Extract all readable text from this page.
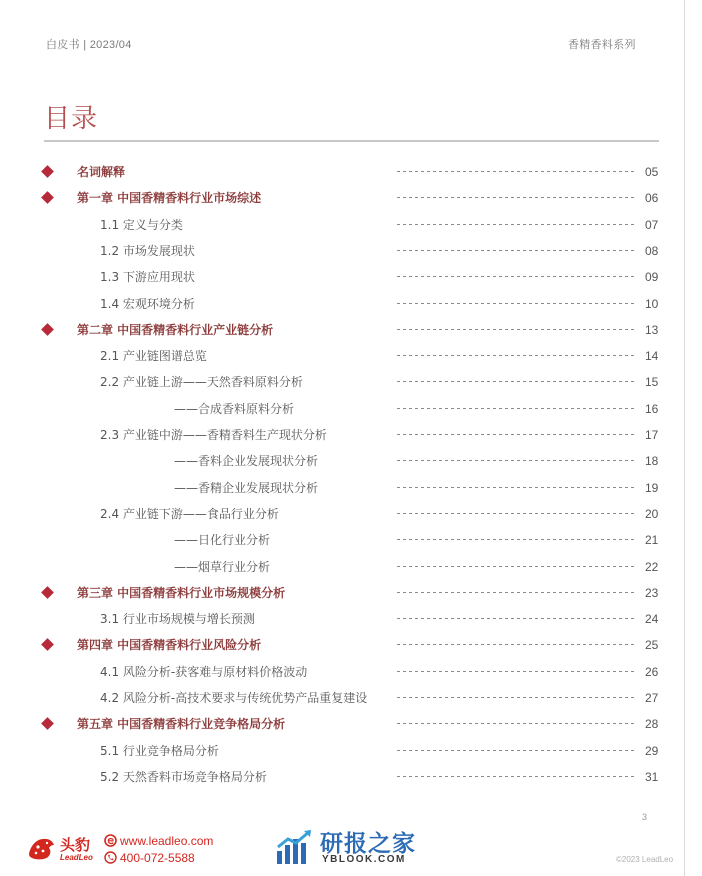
白皮书 | 2023/04	香精香料系列
目录
名词解释	05
第一章 中国香精香料行业市场综述	06
1.1 定义与分类	07
1.2 市场发展现状	08
1.3 下游应用现状	09
1.4 宏观环境分析	10
第二章 中国香精香料行业产业链分析	13
2.1 产业链图谱总览	14
2.2 产业链上游——天然香料原料分析	15
——合成香料原料分析	16
2.3 产业链中游——香精香料生产现状分析	17
——香料企业发展现状分析	18
——香精企业发展现状分析	19
2.4 产业链下游——食品行业分析	20
——日化行业分析	21
——烟草行业分析	22
第三章 中国香精香料行业市场规模分析	23
3.1 行业市场规模与增长预测	24
第四章 中国香精香料行业风险分析	25
4.1 风险分析-获客难与原材料价格波动	26
4.2 风险分析-高技术要求与传统优势产品重复建设	27
第五章 中国香精香料行业竞争格局分析	28
5.1 行业竞争格局分析	29
5.2 天然香料市场竞争格局分析	31
头豹
LeadLeo
www.leadleo.com
400-072-5588
研报之家
YBLOOK.COM
3
©2023 LeadLeo
